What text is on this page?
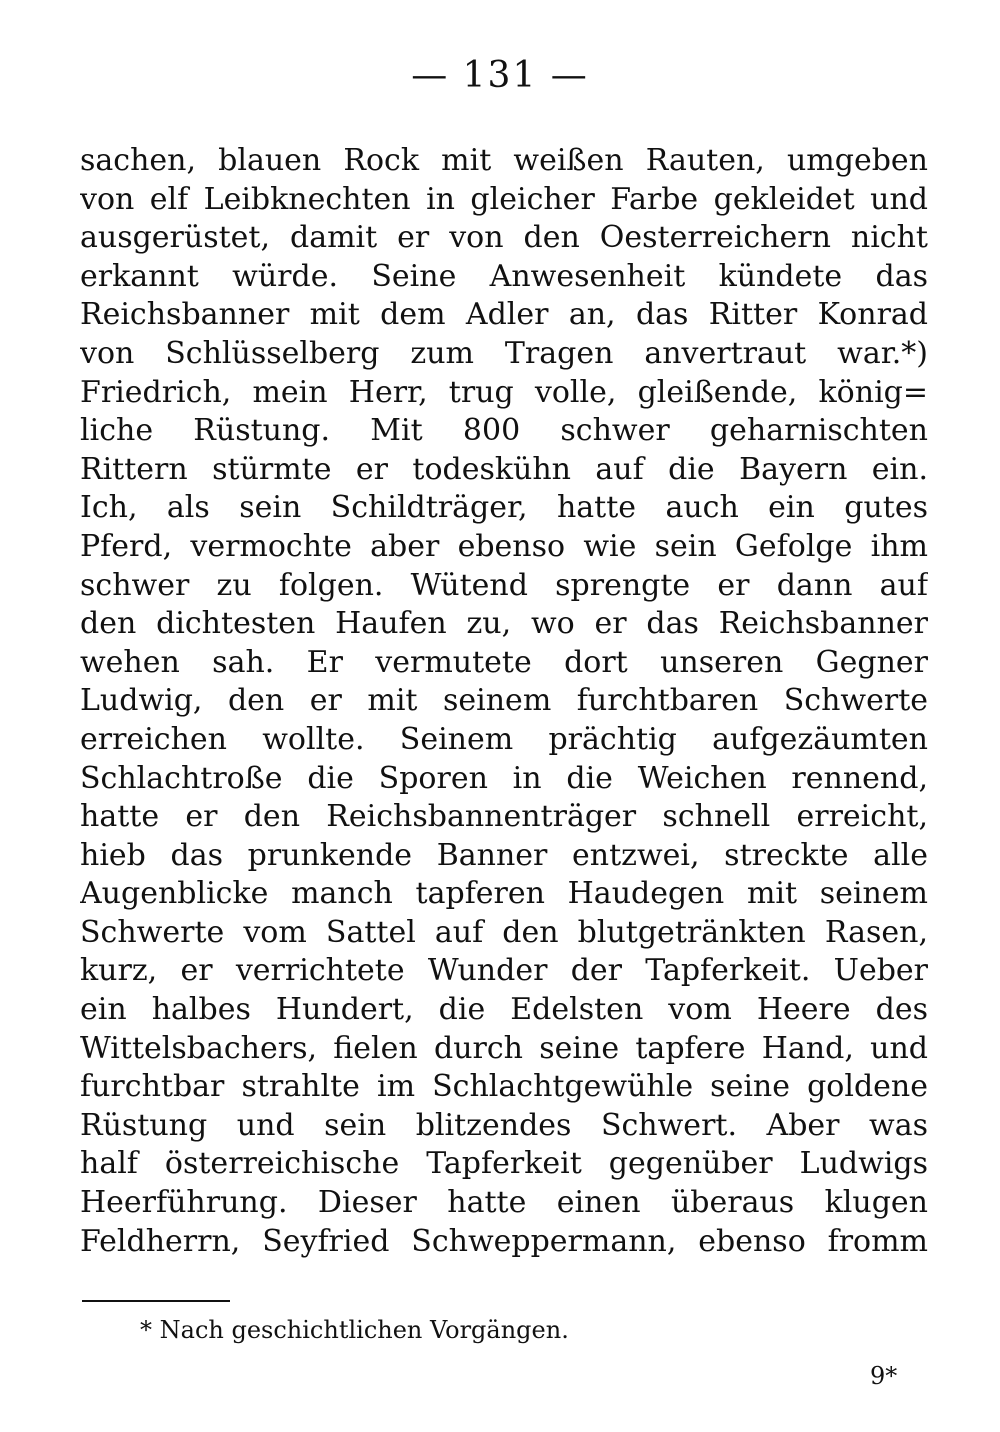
— 131 —
sachen, blauen Rock mit weißen Rauten, umgeben
von elf Leibknechten in gleicher Farbe gekleidet und
ausgerüstet, damit er von den Oesterreichern nicht
erkannt würde. Seine Anwesenheit kündete das
Reichsbanner mit dem Adler an, das Ritter Konrad
von Schlüsselberg zum Tragen anvertraut war.*)
Friedrich, mein Herr, trug volle, gleißende, könig=
liche Rüstung. Mit 800 schwer geharnischten
Rittern stürmte er todeskühn auf die Bayern ein.
Ich, als sein Schildträger, hatte auch ein gutes
Pferd, vermochte aber ebenso wie sein Gefolge ihm
schwer zu folgen. Wütend sprengte er dann auf
den dichtesten Haufen zu, wo er das Reichsbanner
wehen sah. Er vermutete dort unseren Gegner
Ludwig, den er mit seinem furchtbaren Schwerte
erreichen wollte. Seinem prächtig aufgezäumten
Schlachtroße die Sporen in die Weichen rennend,
hatte er den Reichsbannenträger schnell erreicht,
hieb das prunkende Banner entzwei, streckte alle
Augenblicke manch tapferen Haudegen mit seinem
Schwerte vom Sattel auf den blutgetränkten Rasen,
kurz, er verrichtete Wunder der Tapferkeit. Ueber
ein halbes Hundert, die Edelsten vom Heere des
Wittelsbachers, fielen durch seine tapfere Hand, und
furchtbar strahlte im Schlachtgewühle seine goldene
Rüstung und sein blitzendes Schwert. Aber was
half österreichische Tapferkeit gegenüber Ludwigs
Heerführung. Dieser hatte einen überaus klugen
Feldherrn, Seyfried Schweppermann, ebenso fromm
* Nach geschichtlichen Vorgängen.
9*
